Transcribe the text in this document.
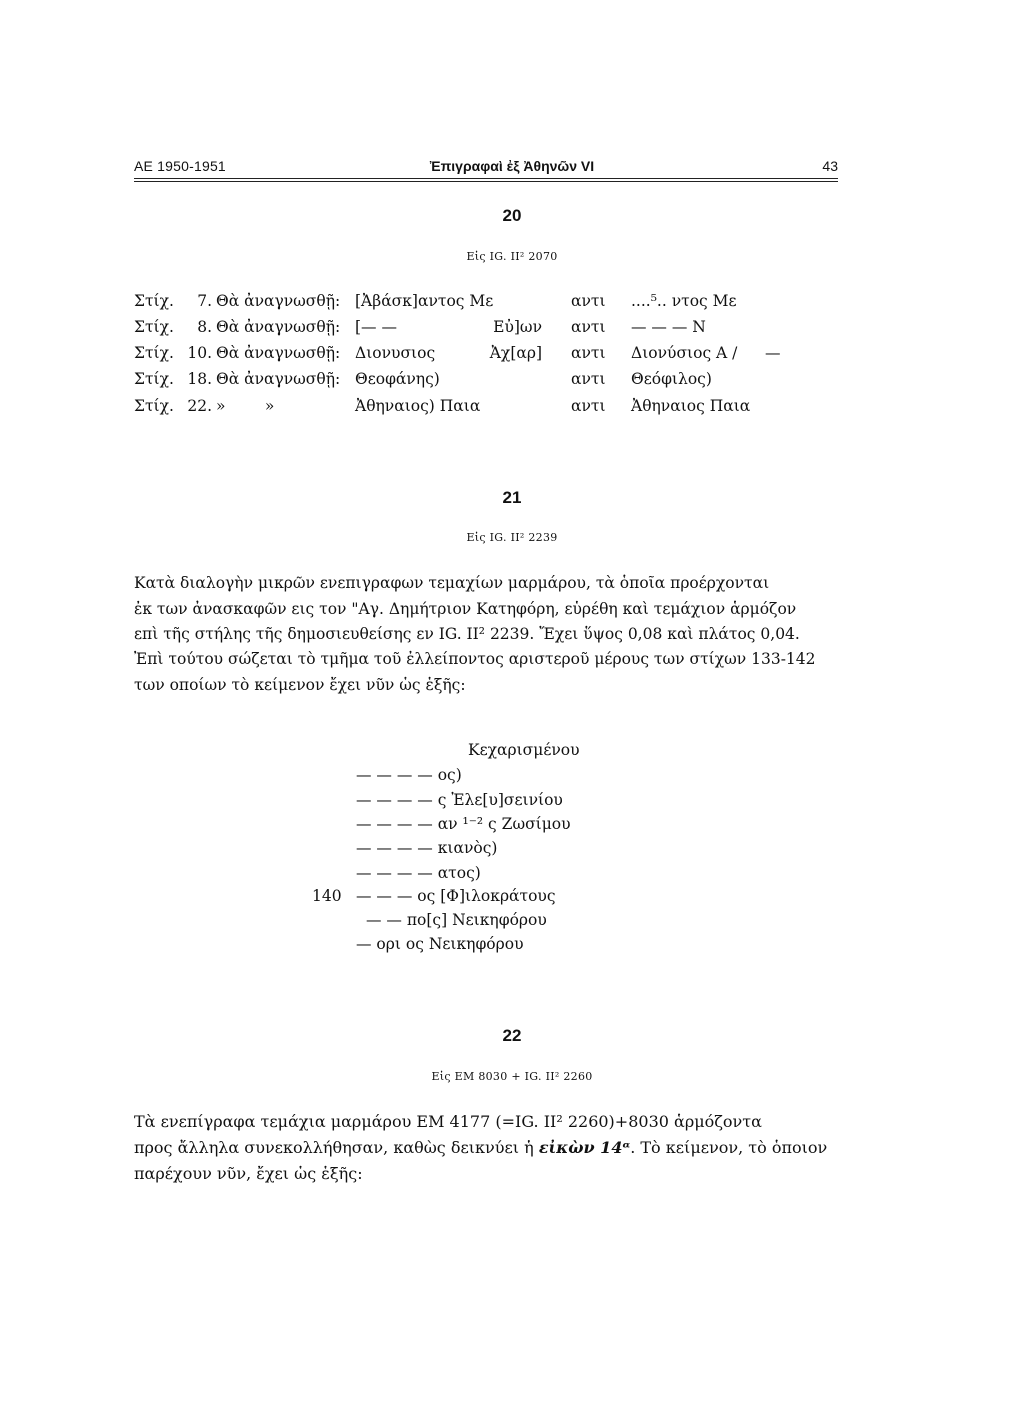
ΑΕ 1950-1951	Ἐπιγραφαὶ ἐξ Ἀθηνῶν VI	43
20
Εἰς IG. II² 2070
Στίχ.	7. Θὰ ἀναγνωσθῇ: [Ἀβάσκ]αντος Με	αντι ....⁵.. ντος Με
Στίχ.	8. Θὰ ἀναγνωσθῇ: [— —	Εὐ]ων αντι — — — Ν
Στίχ. 10. Θὰ ἀναγνωσθῇ: Διονυσιος	Ἀχ[αρ] αντι Διονύσιος Α / —
Στίχ. 18. Θὰ ἀναγνωσθῇ: Θεοφάνης)	αντι Θεόφιλος)
Στίχ. 22. »        »	Ἀθηναιος) Παια	αντι Ἀθηναιος Παια
21
Εἰς IG. II² 2239
Κατὰ διαλογὴν μικρῶν ενεπιγραφων τεμαχίων μαρμάρου, τὰ ὁποῖα προέρχονται
ἐκ των ἀνασκαφῶν εις τον "Αγ. Δημήτριον Κατηφόρη, εὑρέθη καὶ τεμάχιον ἁρμόζον
επὶ τῆς στήλης τῆς δημοσιευθείσης εν IG. II² 2239. Ἔχει ὕψος 0,08 καὶ πλάτος 0,04.
Ἐπὶ τούτου σώζεται τὸ τμῆμα τοῦ ἐλλείποντος αριστεροῦ μέρους των στίχων 133-142
των οποίων τὸ κείμενον ἔχει νῦν ὡς ἑξῆς:
Κεχαρισμένου
— — — — ος)
— — — — ς Ἐλε[υ]σεινίου
— — — — αν ¹⁻² ς Ζωσίμου
— — — — κιανὸς)
— — — — ατος)
140 — — — ος [Φ]ιλοκράτους
— — πο[ς] Νεικηφόρου
— ορι ος Νεικηφόρου
22
Εἰς ΕΜ 8030 + IG. II² 2260
Τὰ ενεπίγραφα τεμάχια μαρμάρου ΕΜ 4177 (=IG. II² 2260)+8030 ἁρμόζοντα
προς ἄλληλα συνεκολλήθησαν, καθὼς δεικνύει ἡ εἰκὼν 14ᵅ. Τὸ κείμενον, τὸ ὁποιον
παρέχουν νῦν, ἔχει ὡς ἑξῆς:
